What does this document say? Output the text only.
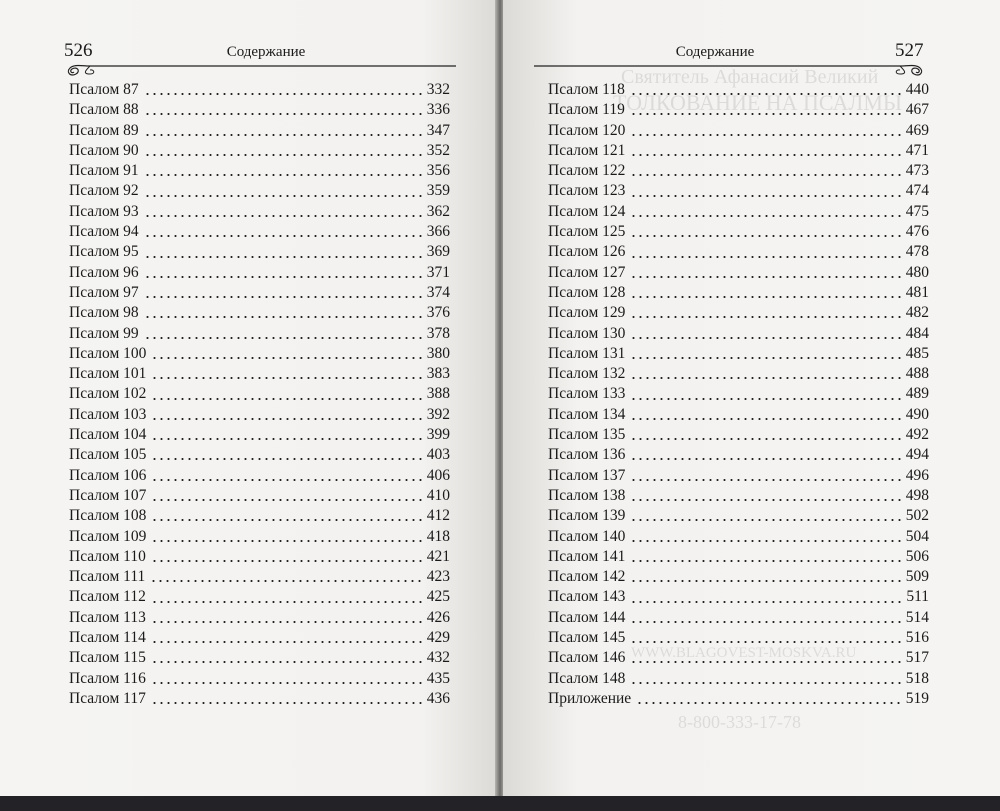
526	Содержание
Псалом 87	332
Псалом 88	336
Псалом 89	347
Псалом 90	352
Псалом 91	356
Псалом 92	359
Псалом 93	362
Псалом 94	366
Псалом 95	369
Псалом 96	371
Псалом 97	374
Псалом 98	376
Псалом 99	378
Псалом 100	380
Псалом 101	383
Псалом 102	388
Псалом 103	392
Псалом 104	399
Псалом 105	403
Псалом 106	406
Псалом 107	410
Псалом 108	412
Псалом 109	418
Псалом 110	421
Псалом 111	423
Псалом 112	425
Псалом 113	426
Псалом 114	429
Псалом 115	432
Псалом 116	435
Псалом 117	436
Святитель Афанасий Великий
ТОЛКОВАНИЕ НА ПСАЛМЫ
WWW.BLAGOVEST-MOSKVA.RU
8-800-333-17-78
Содержание	527
Псалом 118	440
Псалом 119	467
Псалом 120	469
Псалом 121	471
Псалом 122	473
Псалом 123	474
Псалом 124	475
Псалом 125	476
Псалом 126	478
Псалом 127	480
Псалом 128	481
Псалом 129	482
Псалом 130	484
Псалом 131	485
Псалом 132	488
Псалом 133	489
Псалом 134	490
Псалом 135	492
Псалом 136	494
Псалом 137	496
Псалом 138	498
Псалом 139	502
Псалом 140	504
Псалом 141	506
Псалом 142	509
Псалом 143	511
Псалом 144	514
Псалом 145	516
Псалом 146	517
Псалом 148	518
Приложение	519
